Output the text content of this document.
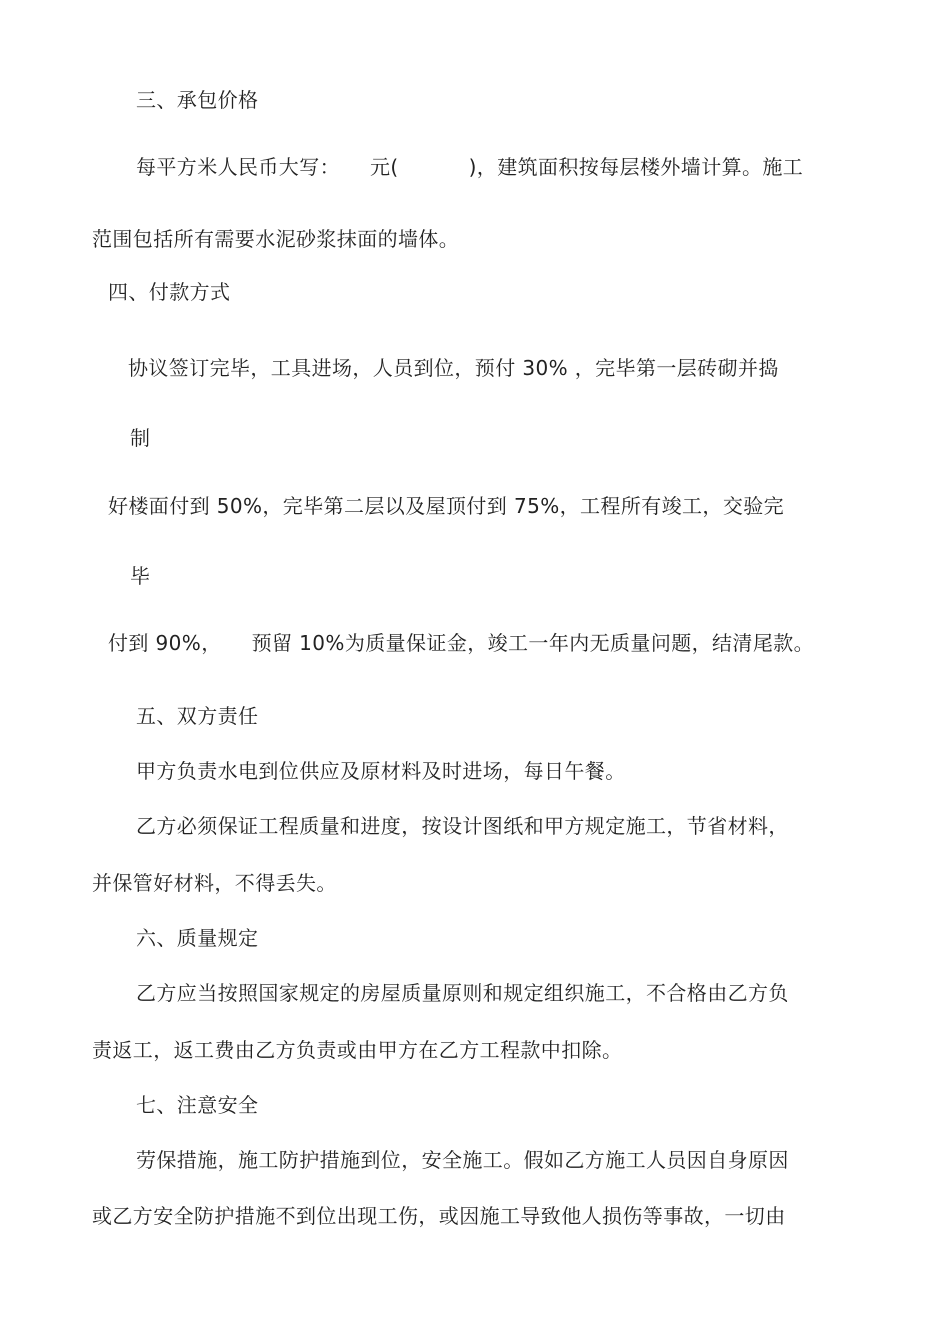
三、承包价格
每平方米人民币大写： 元(	)，建筑面积按每层楼外墙计算。施工
范围包括所有需要水泥砂浆抹面的墙体。
四、付款方式
协议签订完毕，工具进场，人员到位，预付 30% ，完毕第一层砖砌并捣
制
好楼面付到 50%，完毕第二层以及屋顶付到 75%，工程所有竣工，交验完
毕
付到 90%， 预留 10%为质量保证金，竣工一年内无质量问题，结清尾款。
五、双方责任
甲方负责水电到位供应及原材料及时进场，每日午餐。
乙方必须保证工程质量和进度，按设计图纸和甲方规定施工，节省材料，
并保管好材料，不得丢失。
六、质量规定
乙方应当按照国家规定的房屋质量原则和规定组织施工，不合格由乙方负
责返工，返工费由乙方负责或由甲方在乙方工程款中扣除。
七、注意安全
劳保措施，施工防护措施到位，安全施工。假如乙方施工人员因自身原因
或乙方安全防护措施不到位出现工伤，或因施工导致他人损伤等事故，一切由
